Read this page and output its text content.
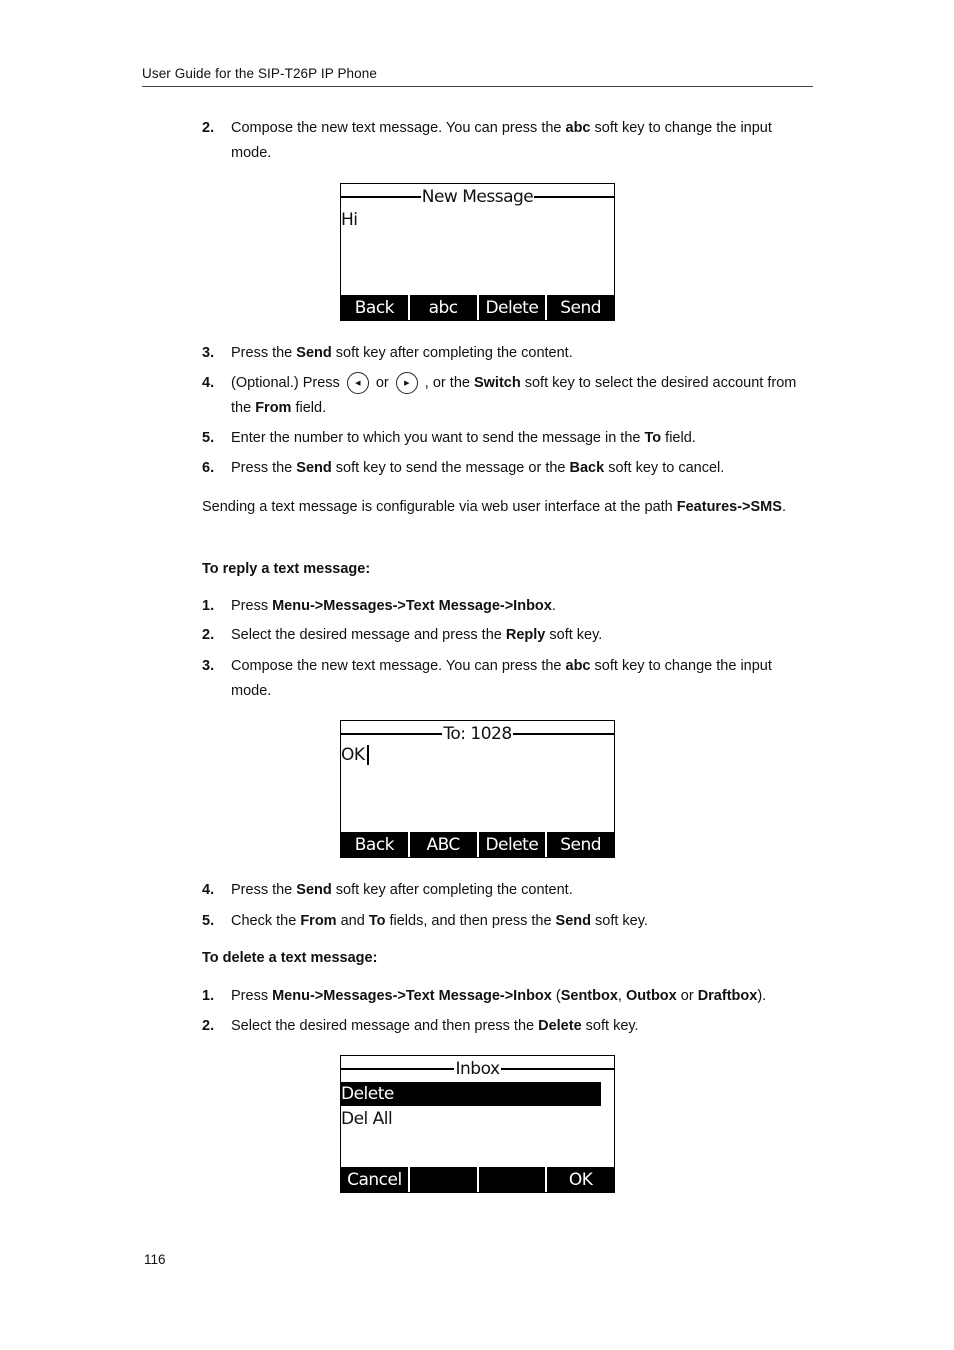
User Guide for the SIP-T26P IP Phone
2. Compose the new text message. You can press the abc soft key to change the input mode.
New Message
Hi
Back	abc	Delete	Send
3. Press the Send soft key after completing the content.
4. (Optional.) Press	◀ or	▶ , or the Switch soft key to select the desired account from the From field.
5. Enter the number to which you want to send the message in the To field.
6. Press the Send soft key to send the message or the Back soft key to cancel.
Sending a text message is configurable via web user interface at the path Features->SMS.
To reply a text message:
1. Press Menu->Messages->Text Message->Inbox.
2. Select the desired message and press the Reply soft key.
3. Compose the new text message. You can press the abc soft key to change the input mode.
To: 1028
OK
Back	ABC	Delete	Send
4. Press the Send soft key after completing the content.
5. Check the From and To fields, and then press the Send soft key.
To delete a text message:
1. Press Menu->Messages->Text Message->Inbox (Sentbox, Outbox or Draftbox).
2. Select the desired message and then press the Delete soft key.
Inbox
Delete
Del All
Cancel	OK
116
